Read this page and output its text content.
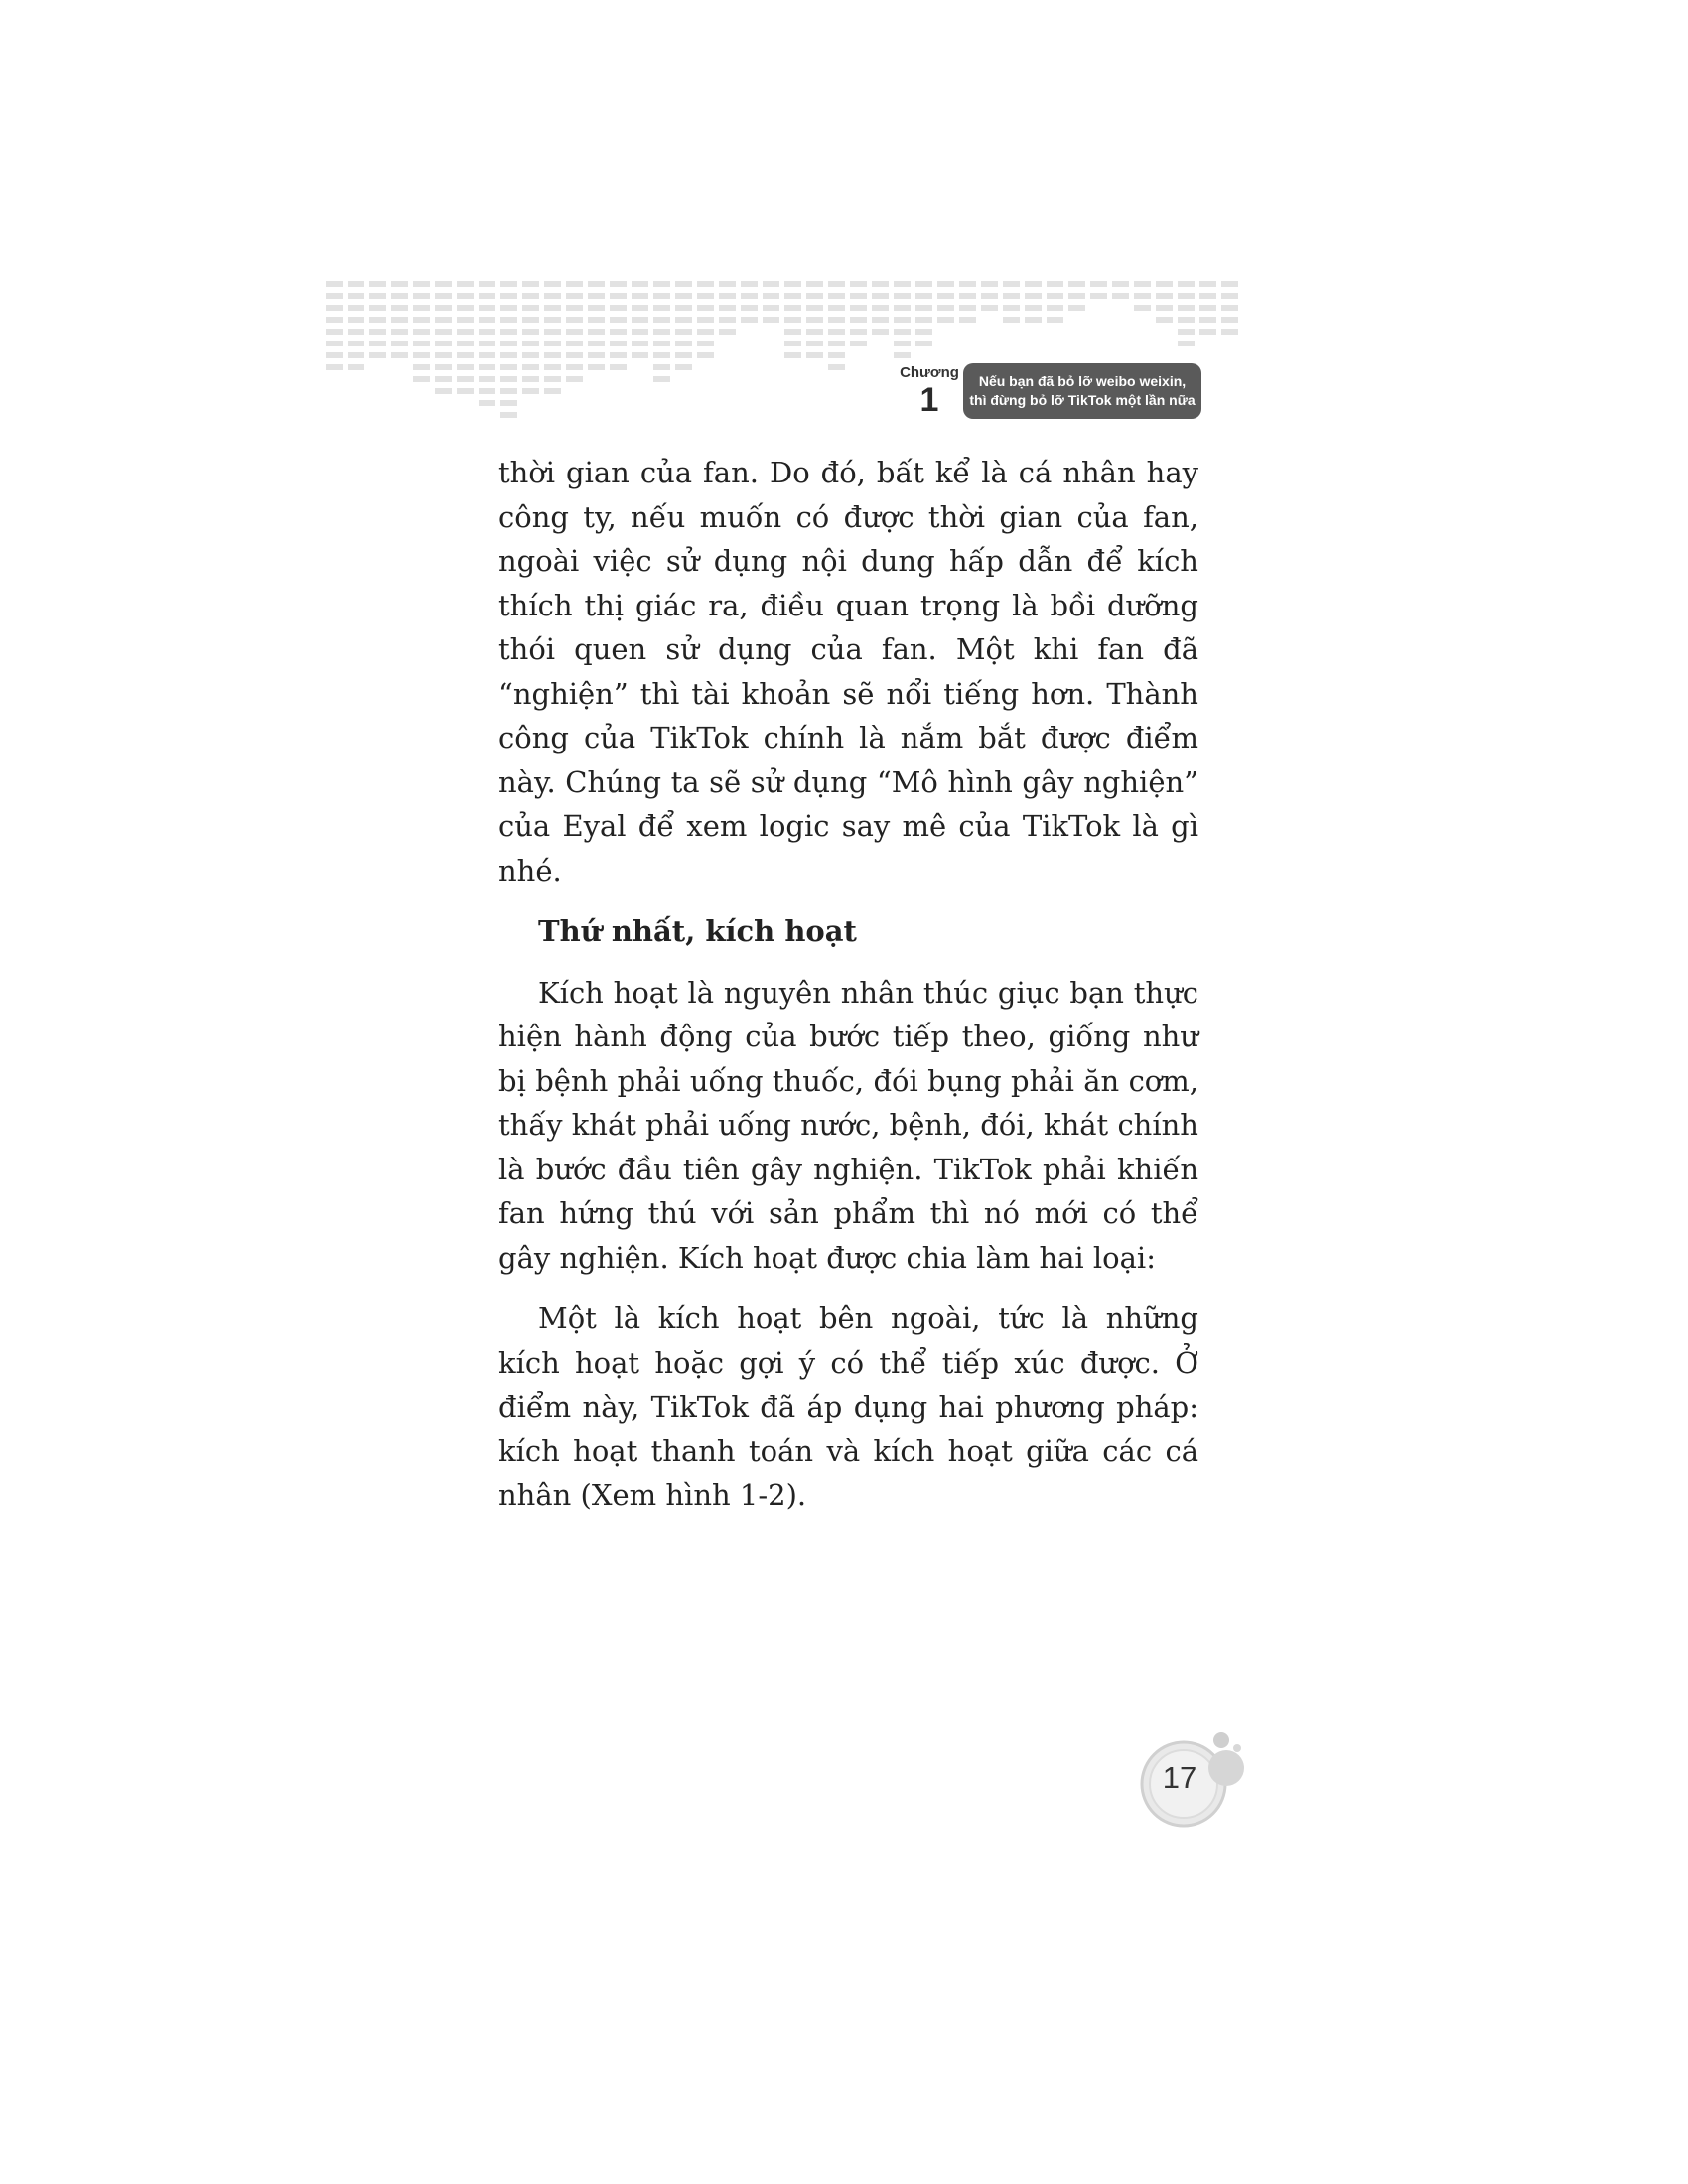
Chương
1	Nếu bạn đã bỏ lỡ weibo weixin,
thì đừng bỏ lỡ TikTok một lần nữa

thời gian của fan. Do đó, bất kể là cá nhân hay công ty, nếu muốn có được thời gian của fan, ngoài việc sử dụng nội dung hấp dẫn để kích thích thị giác ra, điều quan trọng là bồi dưỡng thói quen sử dụng của fan. Một khi fan đã “nghiện” thì tài khoản sẽ nổi tiếng hơn. Thành công của TikTok chính là nắm bắt được điểm này. Chúng ta sẽ sử dụng “Mô hình gây nghiện” của Eyal để xem logic say mê của TikTok là gì nhé.

Thứ nhất, kích hoạt

Kích hoạt là nguyên nhân thúc giục bạn thực hiện hành động của bước tiếp theo, giống như bị bệnh phải uống thuốc, đói bụng phải ăn cơm, thấy khát phải uống nước, bệnh, đói, khát chính là bước đầu tiên gây nghiện. TikTok phải khiến fan hứng thú với sản phẩm thì nó mới có thể gây nghiện. Kích hoạt được chia làm hai loại:

Một là kích hoạt bên ngoài, tức là những kích hoạt hoặc gợi ý có thể tiếp xúc được. Ở điểm này, TikTok đã áp dụng hai phương pháp: kích hoạt thanh toán và kích hoạt giữa các cá nhân (Xem hình 1-2).

17
